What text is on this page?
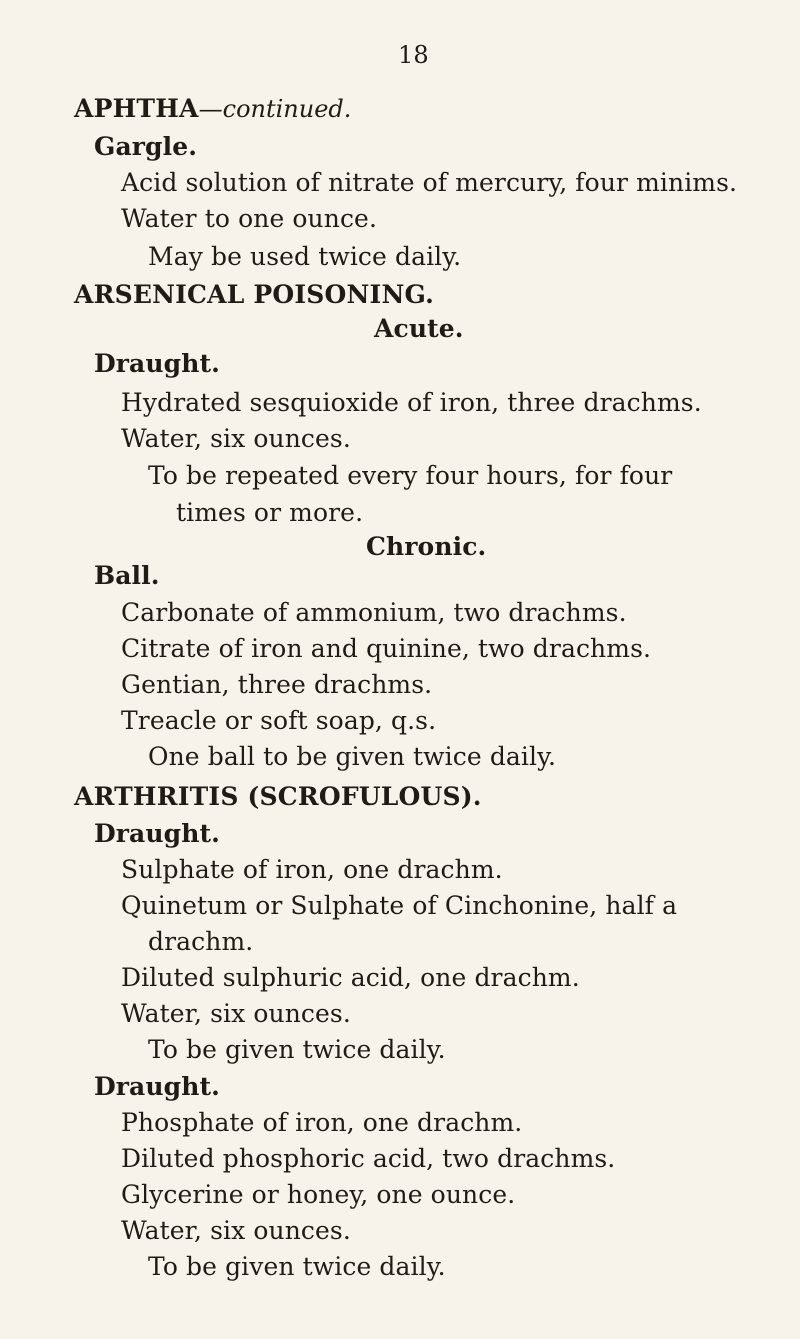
18
APHTHA—continued.
Gargle.
Acid solution of nitrate of mercury, four minims.
Water to one ounce.
May be used twice daily.
ARSENICAL POISONING.
Acute.
Draught.
Hydrated sesquioxide of iron, three drachms.
Water, six ounces.
To be repeated every four hours, for four
times or more.
Chronic.
Ball.
Carbonate of ammonium, two drachms.
Citrate of iron and quinine, two drachms.
Gentian, three drachms.
Treacle or soft soap, q.s.
One ball to be given twice daily.
ARTHRITIS (SCROFULOUS).
Draught.
Sulphate of iron, one drachm.
Quinetum or Sulphate of Cinchonine, half a
drachm.
Diluted sulphuric acid, one drachm.
Water, six ounces.
To be given twice daily.
Draught.
Phosphate of iron, one drachm.
Diluted phosphoric acid, two drachms.
Glycerine or honey, one ounce.
Water, six ounces.
To be given twice daily.
